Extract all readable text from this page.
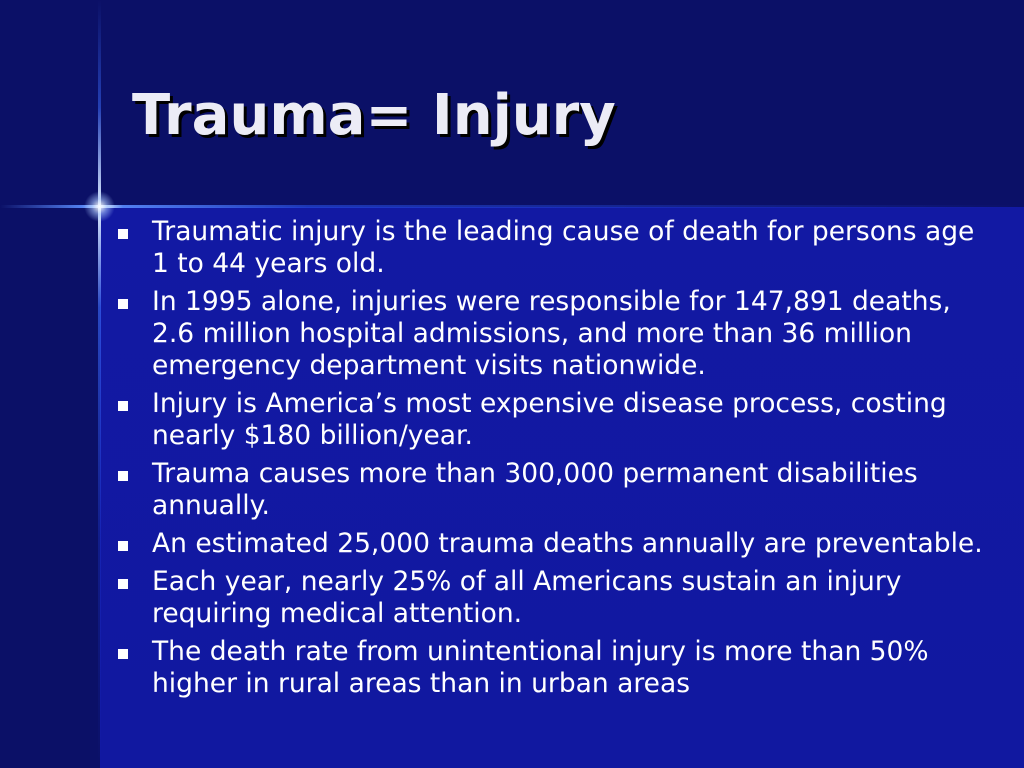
Trauma= Injury
Traumatic injury is the leading cause of death for persons age 1 to 44 years old.
In 1995 alone, injuries were responsible for 147,891 deaths, 2.6 million hospital admissions, and more than 36 million emergency department visits nationwide.
Injury is America’s most expensive disease process, costing nearly $180 billion/year.
Trauma causes more than 300,000 permanent disabilities annually.
An estimated 25,000 trauma deaths annually are preventable.
Each year, nearly 25% of all Americans sustain an injury requiring medical attention.
The death rate from unintentional injury is more than 50% higher in rural areas than in urban areas
